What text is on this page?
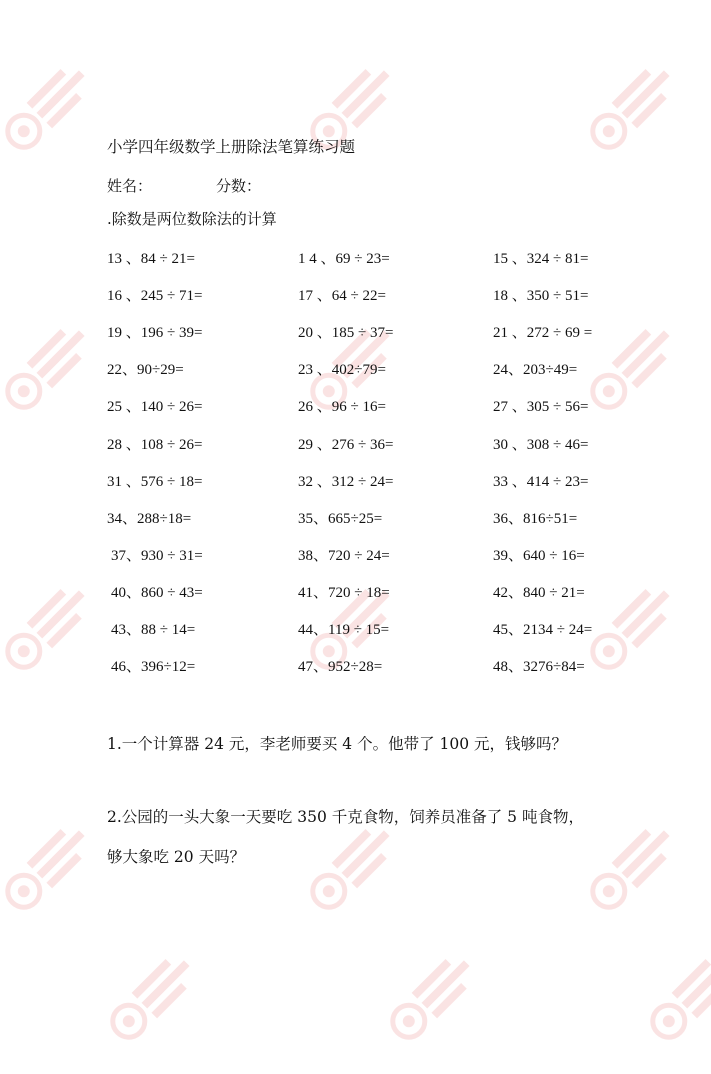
小学四年级数学上册除法笔算练习题
姓名：	分数：
.除数是两位数除法的计算
13 、84 ÷ 21=	1 4 、69 ÷ 23=	15 、324 ÷ 81=
16 、245 ÷ 71=	17 、64 ÷ 22=	18 、350 ÷ 51=
19 、196 ÷ 39=	20 、185 ÷ 37=	21 、272 ÷ 69 =
22、90÷29=	23 、402÷79=	24、203÷49=
25 、140 ÷ 26=	26 、96 ÷ 16=	27 、305 ÷ 56=
28 、108 ÷ 26=	29 、276 ÷ 36=	30 、308 ÷ 46=
31 、576 ÷ 18=	32 、312 ÷ 24=	33 、414 ÷ 23=
34、288÷18=	35、665÷25=	36、816÷51=
37、930 ÷ 31=	38、720 ÷ 24=	39、640 ÷ 16=
40、860 ÷ 43=	41、720 ÷ 18=	42、840 ÷ 21=
43、88 ÷ 14=	44、119 ÷ 15=	45、2134 ÷ 24=
46、396÷12=	47、952÷28=	48、3276÷84=
1.一个计算器 24 元，李老师要买 4 个。他带了 100 元，钱够吗？
2.公园的一头大象一天要吃 350 千克食物，饲养员准备了 5 吨食物，
够大象吃 20 天吗？
